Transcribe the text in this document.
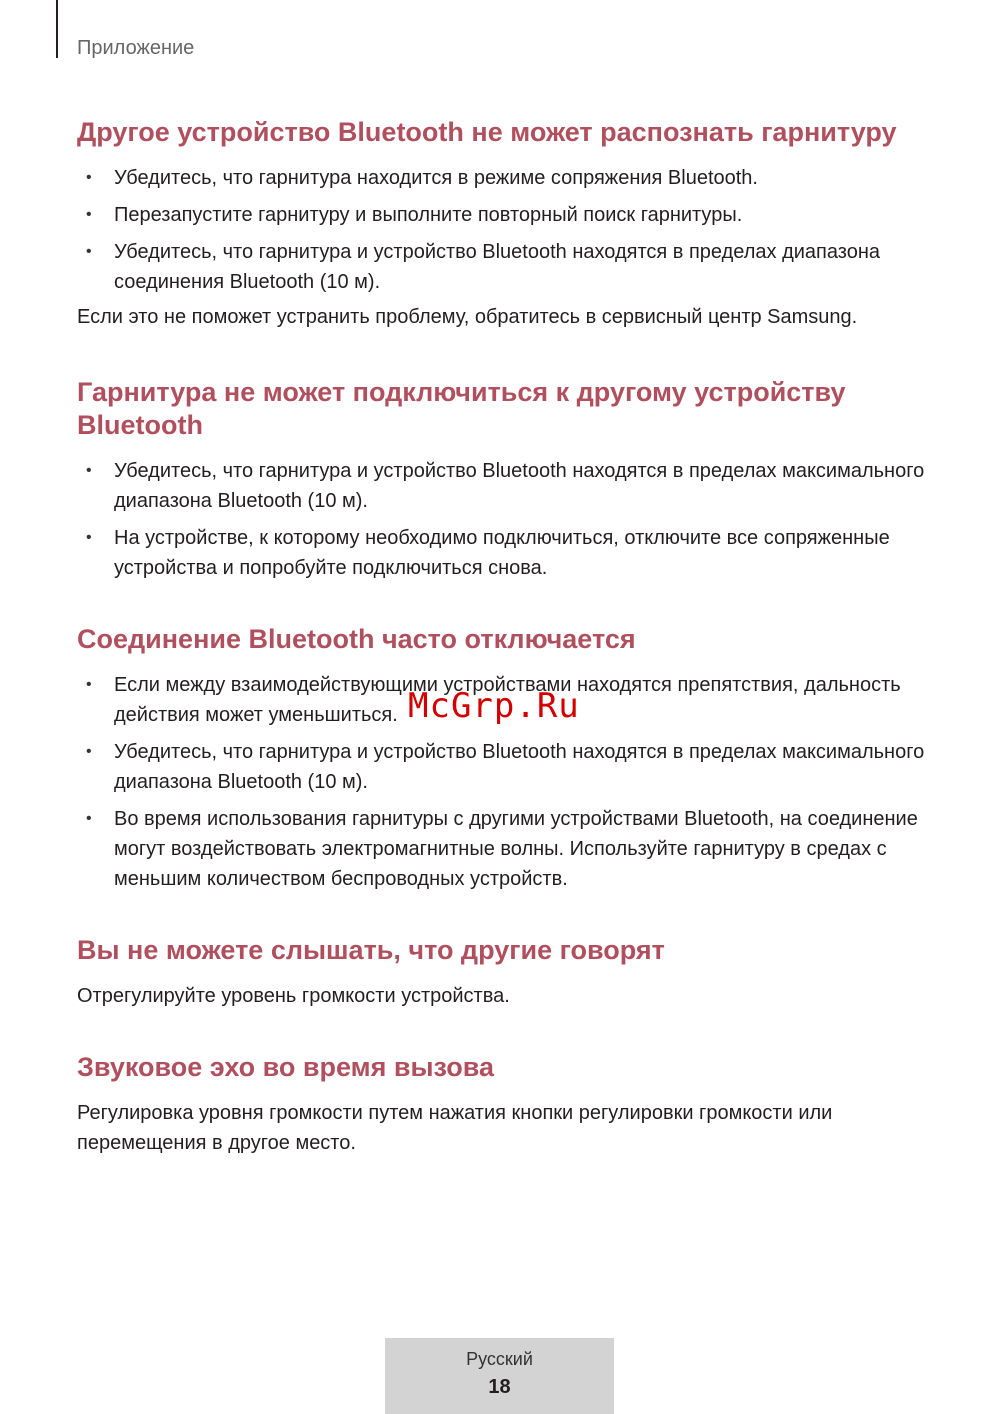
Приложение
Другое устройство Bluetooth не может распознать гарнитуру
• Убедитесь, что гарнитура находится в режиме сопряжения Bluetooth.
• Перезапустите гарнитуру и выполните повторный поиск гарнитуры.
• Убедитесь, что гарнитура и устройство Bluetooth находятся в пределах диапазона соединения Bluetooth (10 м).

Если это не поможет устранить проблему, обратитесь в сервисный центр Samsung.

Гарнитура не может подключиться к другому устройству Bluetooth
• Убедитесь, что гарнитура и устройство Bluetooth находятся в пределах максимального диапазона Bluetooth (10 м).
• На устройстве, к которому необходимо подключиться, отключите все сопряженные устройства и попробуйте подключиться снова.
Соединение Bluetooth часто отключается
• Если между взаимодействующими устройствами находятся препятствия, дальность действия может уменьшиться.
• Убедитесь, что гарнитура и устройство Bluetooth находятся в пределах максимального диапазона Bluetooth (10 м).
• Во время использования гарнитуры с другими устройствами Bluetooth, на соединение могут воздействовать электромагнитные волны. Используйте гарнитуру в средах с меньшим количеством беспроводных устройств.
Вы не можете слышать, что другие говорят

Отрегулируйте уровень громкости устройства.

Звуковое эхо во время вызова

Регулировка уровня громкости путем нажатия кнопки регулировки громкости или перемещения в другое место.

McGrp.Ru
Русский
18
